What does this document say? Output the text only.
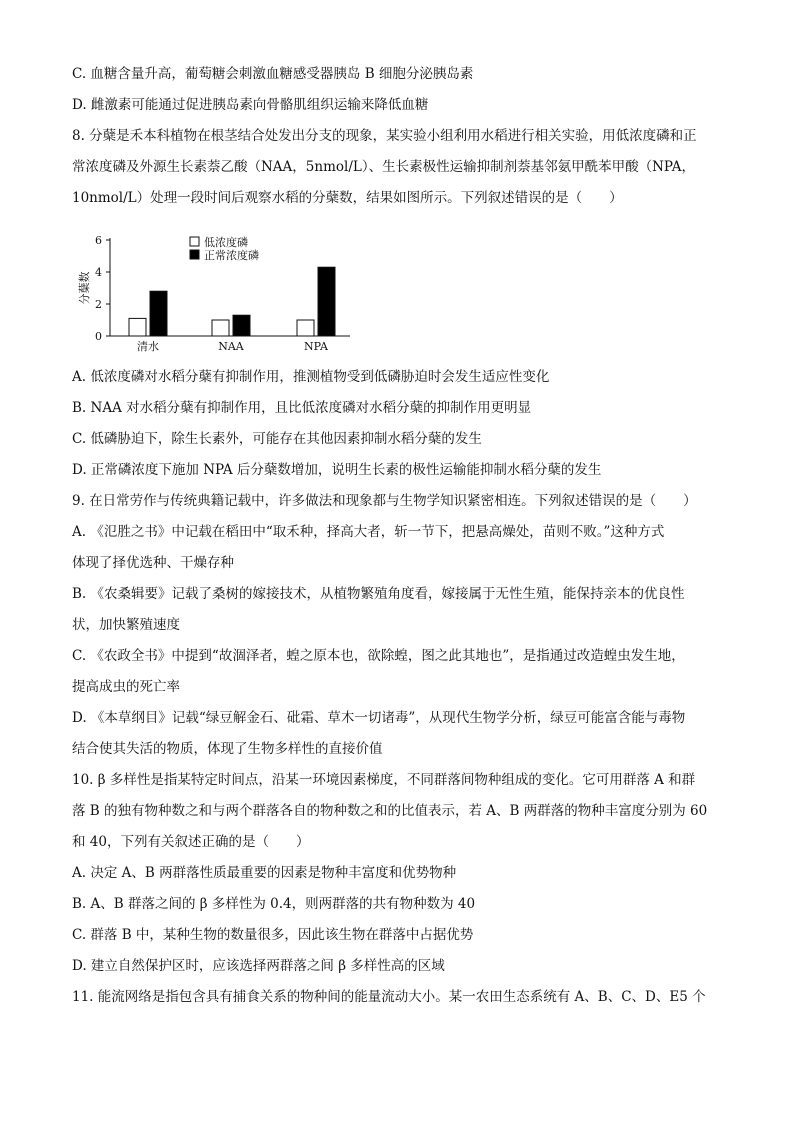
C. 血糖含量升高，葡萄糖会刺激血糖感受器胰岛 B 细胞分泌胰岛素
D. 雌激素可能通过促进胰岛素向骨骼肌组织运输来降低血糖
8. 分蘖是禾本科植物在根茎结合处发出分支的现象，某实验小组利用水稻进行相关实验，用低浓度磷和正
常浓度磷及外源生长素萘乙酸（NAA，5nmol/L）、生长素极性运输抑制剂萘基邻氨甲酰苯甲酸（NPA，
10nmol/L）处理一段时间后观察水稻的分蘖数，结果如图所示。下列叙述错误的是（　　）
A. 低浓度磷对水稻分蘖有抑制作用，推测植物受到低磷胁迫时会发生适应性变化
B. NAA 对水稻分蘖有抑制作用，且比低浓度磷对水稻分蘖的抑制作用更明显
C. 低磷胁迫下，除生长素外，可能存在其他因素抑制水稻分蘖的发生
D. 正常磷浓度下施加 NPA 后分蘖数增加，说明生长素的极性运输能抑制水稻分蘖的发生
9. 在日常劳作与传统典籍记载中，许多做法和现象都与生物学知识紧密相连。下列叙述错误的是（　　）
A. 《氾胜之书》中记载在稻田中“取禾种，择高大者，斩一节下，把悬高燥处，苗则不败。”这种方式
体现了择优选种、干燥存种
B. 《农桑辑要》记载了桑树的嫁接技术，从植物繁殖角度看，嫁接属于无性生殖，能保持亲本的优良性
状，加快繁殖速度
C. 《农政全书》中提到“故涸泽者，蝗之原本也，欲除蝗，图之此其地也”，是指通过改造蝗虫发生地，
提高成虫的死亡率
D. 《本草纲目》记载“绿豆解金石、砒霜、草木一切诸毒”，从现代生物学分析，绿豆可能富含能与毒物
结合使其失活的物质，体现了生物多样性的直接价值
10. β 多样性是指某特定时间点，沿某一环境因素梯度，不同群落间物种组成的变化。它可用群落 A 和群
落 B 的独有物种数之和与两个群落各自的物种数之和的比值表示，若 A、B 两群落的物种丰富度分别为 60
和 40，下列有关叙述正确的是（　　）
A. 决定 A、B 两群落性质最重要的因素是物种丰富度和优势物种
B. A、B 群落之间的 β 多样性为 0.4，则两群落的共有物种数为 40
C. 群落 B 中，某种生物的数量很多，因此该生物在群落中占据优势
D. 建立自然保护区时，应该选择两群落之间 β 多样性高的区域
11. 能流网络是指包含具有捕食关系的物种间的能量流动大小。某一农田生态系统有 A、B、C、D、E5 个
0
2
4
6
分蘖数
清水	NAA	NPA
低浓度磷
正常浓度磷
